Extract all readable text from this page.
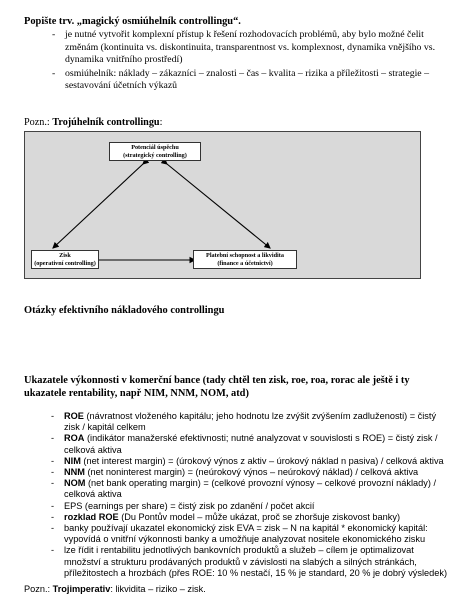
Popište trv. „magický osmiúhelník controllingu“.
- je nutné vytvořit komplexní přístup k řešení rozhodovacích problémů, aby bylo možné čelit změnám (kontinuita vs. diskontinuita, transparentnost vs. komplexnost, dynamika vnějšího vs. dynamika vnitřního prostředí)
- osmiúhelník: náklady – zákazníci – znalosti – čas – kvalita – rizika a příležitosti – strategie – sestavování účetních výkazů
Pozn.: Trojúhelník controllingu:
Potenciál úspěchu
(strategický controlling)
Zisk
(operativní controlling)
Platební schopnost a likvidita
(finance a účetnictví)
Otázky efektivního nákladového controllingu
Ukazatele výkonnosti v komerční bance (tady chtěl ten zisk, roe, roa, rorac ale ještě i ty ukazatele rentability, např NIM, NNM, NOM, atd)
- ROE (návratnost vloženého kapitálu; jeho hodnotu lze zvýšit zvýšením zadluženosti) = čistý zisk / kapitál celkem
- ROA (indikátor manažerské efektivnosti; nutné analyzovat v souvislosti s ROE) = čistý zisk / celková aktiva
- NIM (net interest margin) = (úrokový výnos z aktiv – úrokový náklad n pasiva) / celková aktiva
- NNM (net noninterest margin) = (neúrokový výnos – neúrokový náklad) / celková aktiva
- NOM (net bank operating margin) = (celkové provozní výnosy – celkové provozní náklady) / celková aktiva
- EPS (earnings per share) = čistý zisk po zdanění / počet akcií
- rozklad ROE (Du Pontův model – může ukázat, proč se zhoršuje ziskovost banky)
- banky používají ukazatel ekonomický zisk EVA = zisk – N na kapitál * ekonomický kapitál: vypovídá o vnitřní výkonnosti banky a umožňuje analyzovat nositele ekonomického zisku
- lze řídit i rentabilitu jednotlivých bankovních produktů a služeb – cílem je optimalizovat množství a strukturu prodávaných produktů v závislosti na slabých a silných stránkách, příležitostech a hrozbách (přes ROE: 10 % nestačí, 15 % je standard, 20 % je dobrý výsledek)
Pozn.: Trojimperativ: likvidita – riziko – zisk.
